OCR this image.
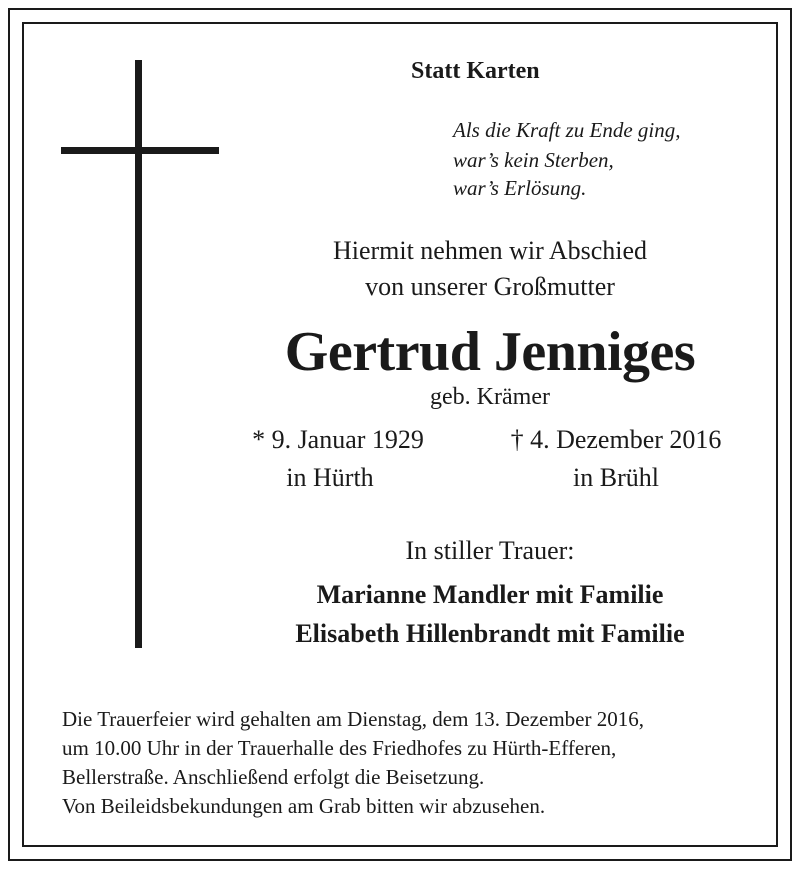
Statt Karten
Als die Kraft zu Ende ging,
war’s kein Sterben,
war’s Erlösung.
Hiermit nehmen wir Abschied
von unserer Großmutter
Gertrud Jenniges
geb. Krämer
* 9. Januar 1929
in Hürth
† 4. Dezember 2016
in Brühl
In stiller Trauer:
Marianne Mandler mit Familie
Elisabeth Hillenbrandt mit Familie
Die Trauerfeier wird gehalten am Dienstag, dem 13. Dezember 2016,
um 10.00 Uhr in der Trauerhalle des Friedhofes zu Hürth-Efferen,
Bellerstraße. Anschließend erfolgt die Beisetzung.
Von Beileidsbekundungen am Grab bitten wir abzusehen.
